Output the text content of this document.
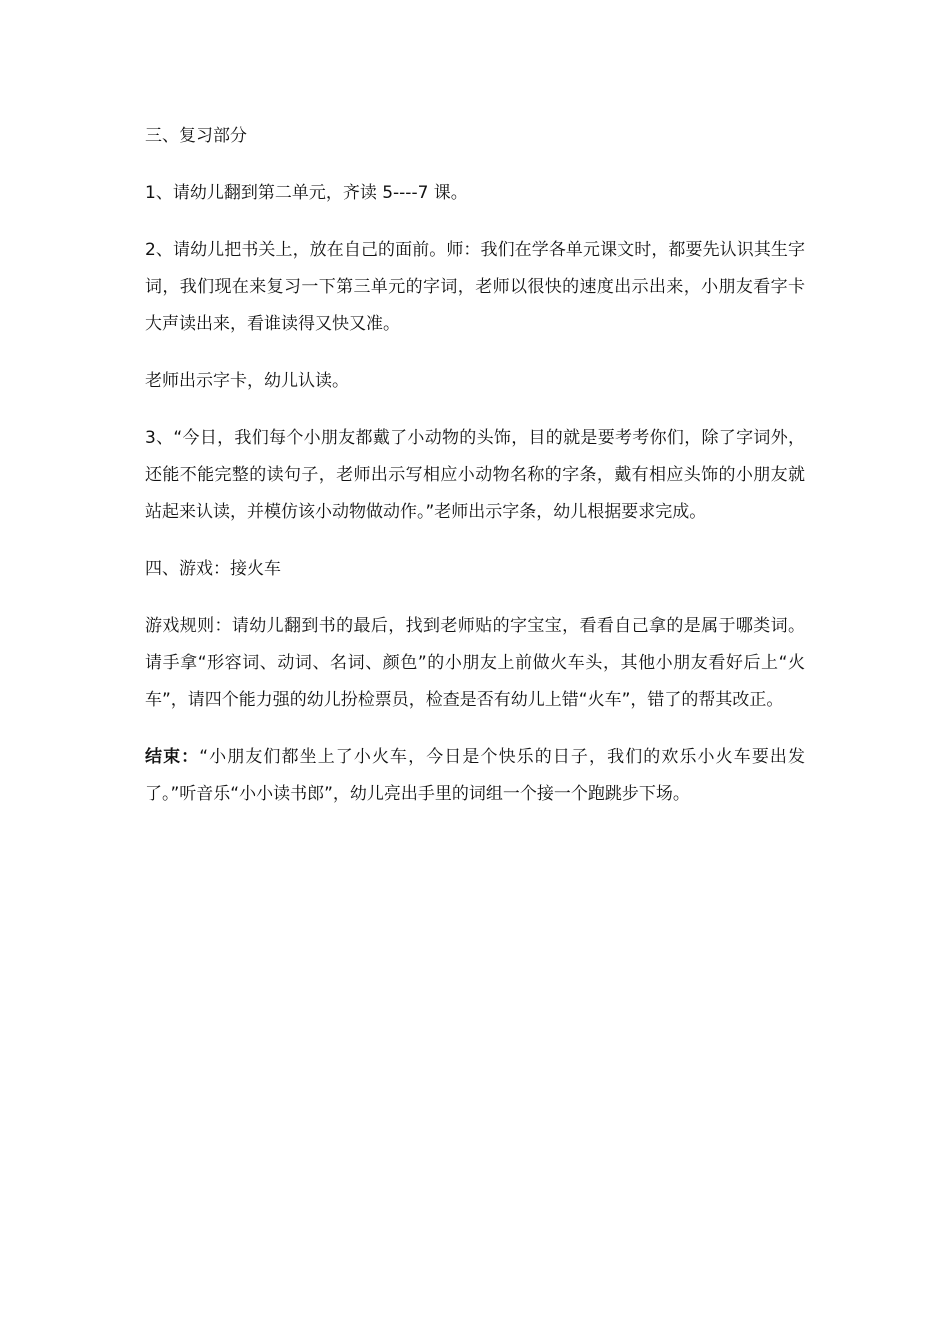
三、复习部分

1、请幼儿翻到第二单元，齐读 5----7 课。

2、请幼儿把书关上，放在自己的面前。师：我们在学各单元课文时，都要先认识其生字词，我们现在来复习一下第三单元的字词，老师以很快的速度出示出来，小朋友看字卡大声读出来，看谁读得又快又准。

老师出示字卡，幼儿认读。

3、“今日，我们每个小朋友都戴了小动物的头饰，目的就是要考考你们，除了字词外，还能不能完整的读句子，老师出示写相应小动物名称的字条，戴有相应头饰的小朋友就站起来认读，并模仿该小动物做动作。”老师出示字条，幼儿根据要求完成。

四、游戏：接火车

游戏规则：请幼儿翻到书的最后，找到老师贴的字宝宝，看看自己拿的是属于哪类词。请手拿“形容词、动词、名词、颜色”的小朋友上前做火车头，其他小朋友看好后上“火车”，请四个能力强的幼儿扮检票员，检查是否有幼儿上错“火车”，错了的帮其改正。

结束：“小朋友们都坐上了小火车，今日是个快乐的日子，我们的欢乐小火车要出发了。”听音乐“小小读书郎”，幼儿亮出手里的词组一个接一个跑跳步下场。
